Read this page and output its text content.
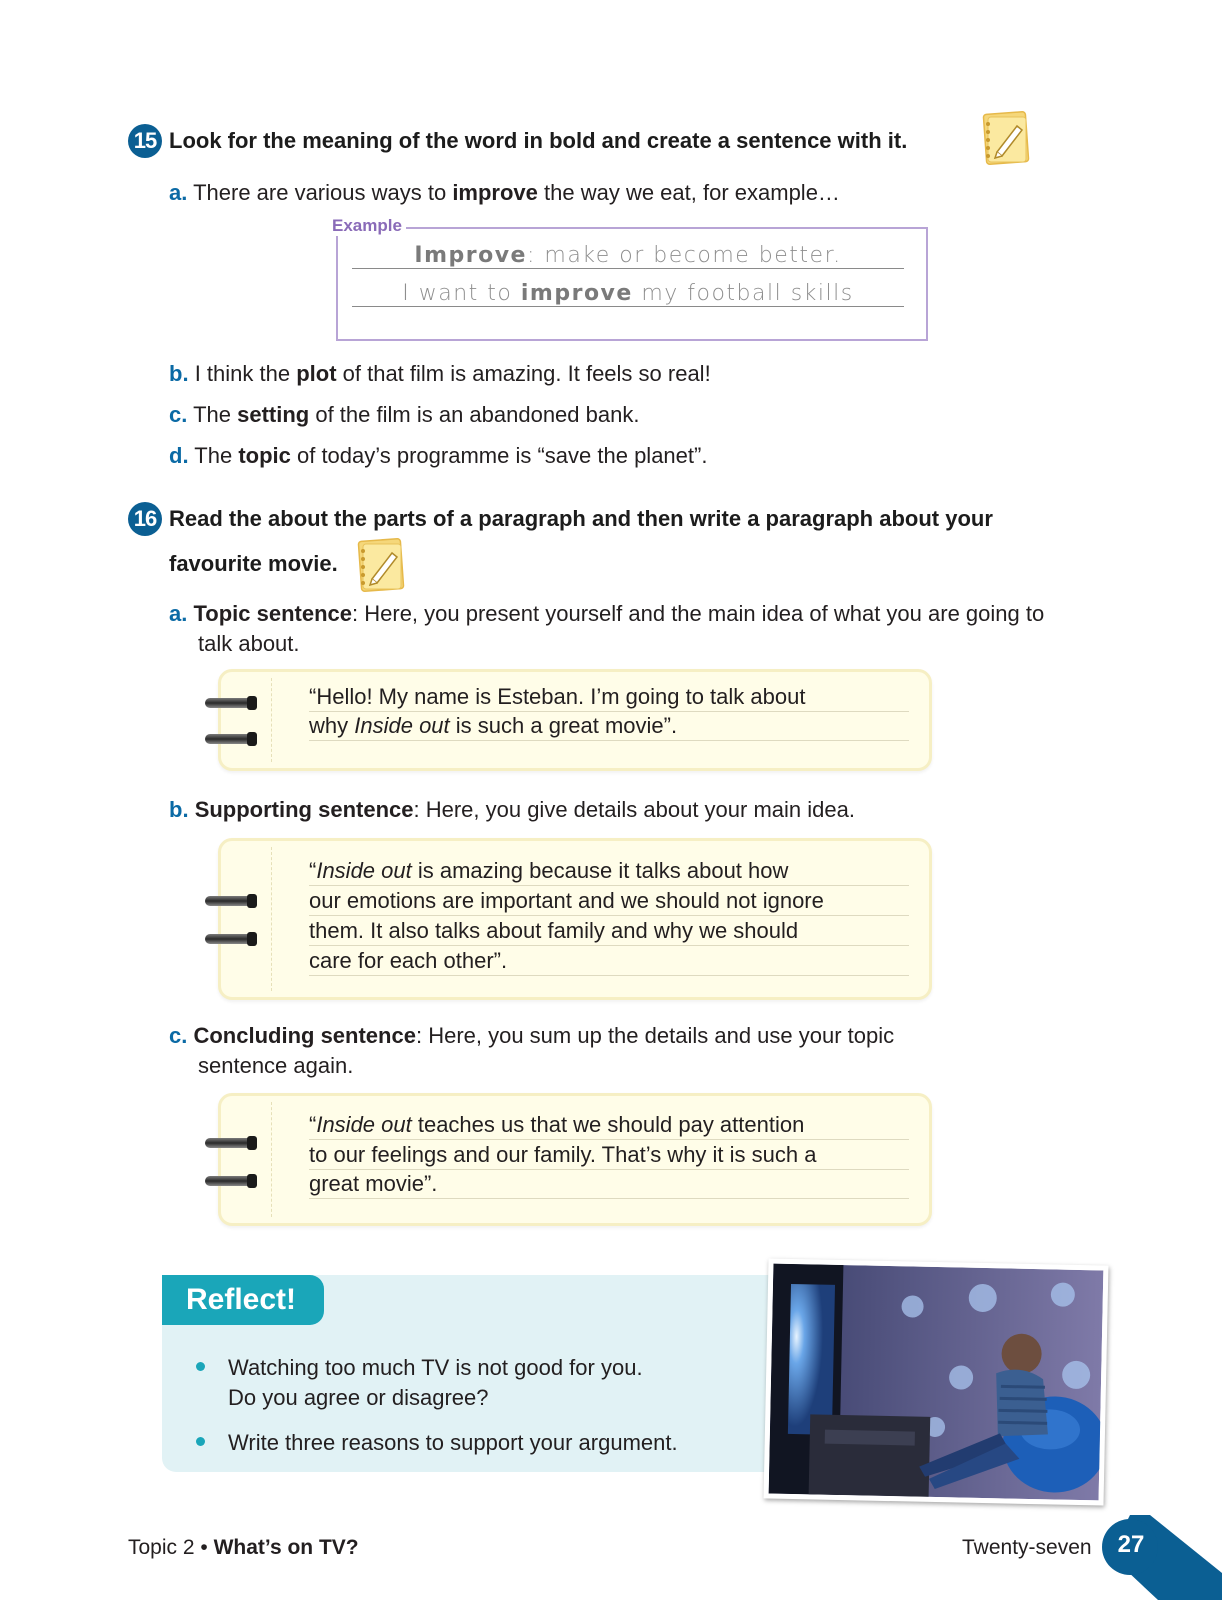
15 Look for the meaning of the word in bold and create a sentence with it.
a. There are various ways to improve the way we eat, for example…
Example
Improve: make or become better.
I want to improve my football skills
b. I think the plot of that film is amazing. It feels so real!
c. The setting of the film is an abandoned bank.
d. The topic of today’s programme is “save the planet”.
16 Read the about the parts of a paragraph and then write a paragraph about your
favourite movie.
a. Topic sentence: Here, you present yourself and the main idea of what you are going to
talk about.
“Hello! My name is Esteban. I’m going to talk about
why Inside out is such a great movie”.
b. Supporting sentence: Here, you give details about your main idea.
“Inside out is amazing because it talks about how
our emotions are important and we should not ignore
them. It also talks about family and why we should
care for each other”.
c. Concluding sentence: Here, you sum up the details and use your topic
sentence again.
“Inside out teaches us that we should pay attention
to our feelings and our family. That’s why it is such a
great movie”.
Reflect!
Watching too much TV is not good for you.
Do you agree or disagree?
Write three reasons to support your argument.
Topic 2 • What’s on TV?	Twenty-seven	27
